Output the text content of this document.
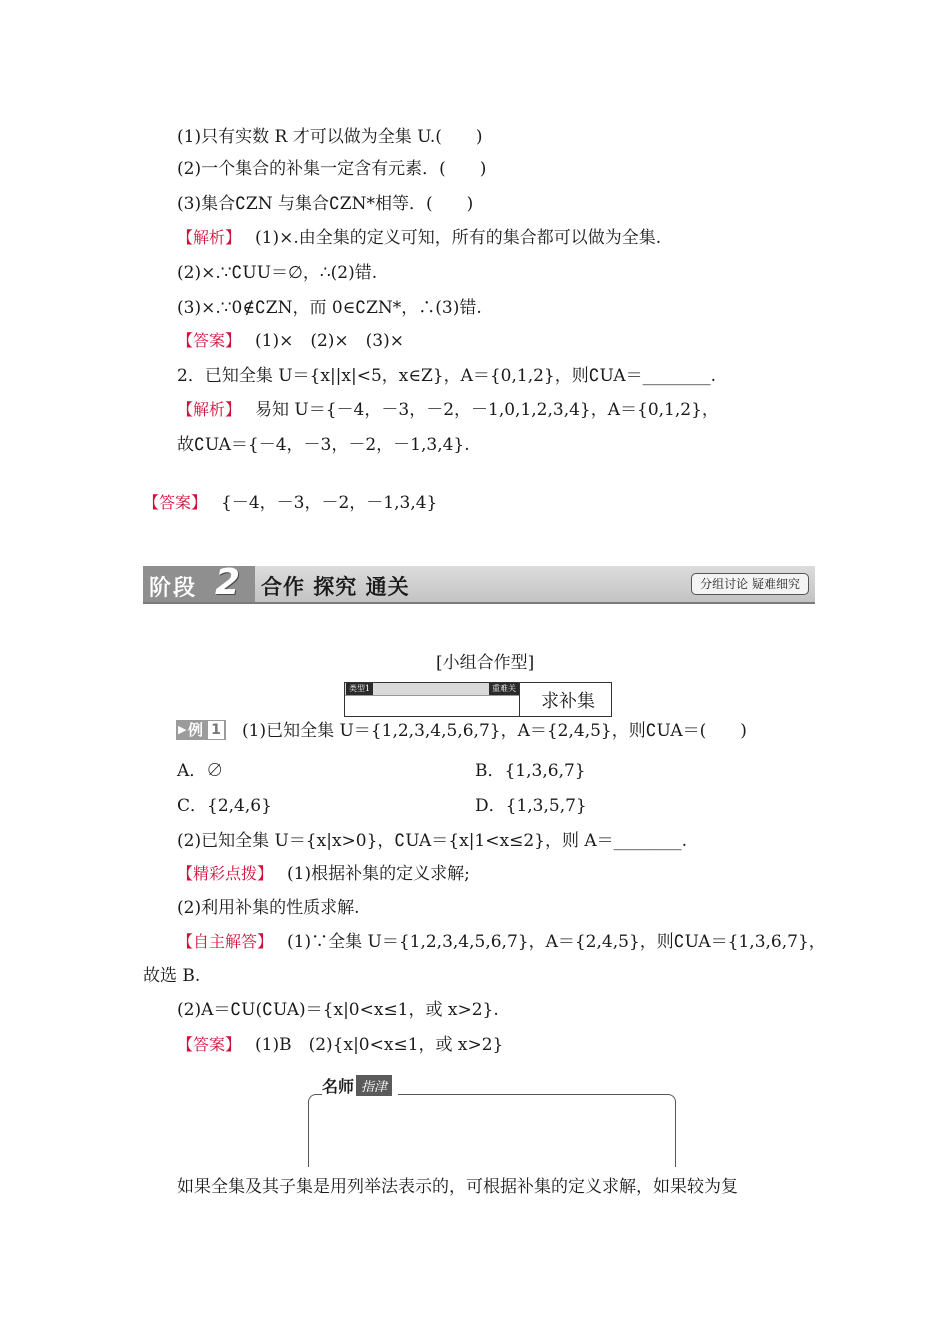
(1)只有实数 R 才可以做为全集 U.(　　)
(2)一个集合的补集一定含有元素．(　　)
(3)集合∁ZN 与集合∁ZN*相等．(　　)
【解析】 (1)×.由全集的定义可知，所有的集合都可以做为全集.
(2)×.∵∁UU＝∅，∴(2)错.
(3)×.∵0∉∁ZN，而 0∈∁ZN*，∴(3)错.
【答案】 (1)×　(2)×　(3)×
2．已知全集 U＝{x||x|<5，x∈Z}，A＝{0,1,2}，则∁UA＝________.
【解析】 易知 U＝{－4，－3，－2，－1,0,1,2,3,4}，A＝{0,1,2}，
故∁UA＝{－4，－3，－2，－1,3,4}.
【答案】 {－4，－3，－2，－1,3,4}
阶段 2 合作 探究 通关	分组讨论 疑难细究
[小组合作型]
类型1	重难关
求补集
▶ 例 1 (1)已知全集 U＝{1,2,3,4,5,6,7}，A＝{2,4,5}，则∁UA＝(　　)
A．∅	B．{1,3,6,7}
C．{2,4,6}	D．{1,3,5,7}
(2)已知全集 U＝{x|x>0}，∁UA＝{x|1<x≤2}，则 A＝________.
【精彩点拨】 (1)根据补集的定义求解;
(2)利用补集的性质求解.
【自主解答】 (1)∵全集 U＝{1,2,3,4,5,6,7}，A＝{2,4,5}，则∁UA＝{1,3,6,7}，
故选 B.
(2)A＝∁U(∁UA)＝{x|0<x≤1，或 x>2}.
【答案】 (1)B　(2){x|0<x≤1，或 x>2}
名师 指津
如果全集及其子集是用列举法表示的，可根据补集的定义求解，如果较为复
